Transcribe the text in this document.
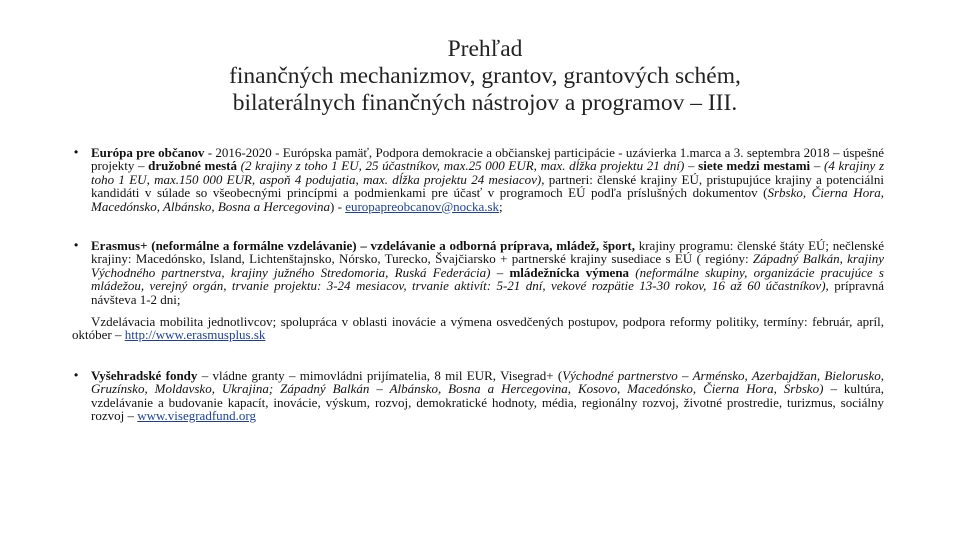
Prehľad
finančných mechanizmov, grantov, grantových schém,
bilaterálnych finančných nástrojov a programov – III.
• Európa pre občanov - 2016-2020 - Európska pamäť, Podpora demokracie a občianskej participácie - uzávierka 1.marca a 3. septembra 2018 – úspešné projekty – družobné mestá (2 krajiny z toho 1 EU, 25 účastníkov, max.25 000 EUR, max. dĺžka projektu 21 dní) – siete medzi mestami – (4 krajiny z toho 1 EU, max.150 000 EUR, aspoň 4 podujatia, max. dĺžka projektu 24 mesiacov), partneri: členské krajiny EÚ, pristupujúce krajiny a potenciálni kandidáti v súlade so všeobecnými princípmi a podmienkami pre účasť v programoch EÚ podľa príslušných dokumentov (Srbsko, Čierna Hora, Macedónsko, Albánsko, Bosna a Hercegovina) - europapreobcanov@nocka.sk;
• Erasmus+ (neformálne a formálne vzdelávanie) – vzdelávanie a odborná príprava, mládež, šport, krajiny programu: členské štáty EÚ; nečlenské krajiny: Macedónsko, Island, Lichtenštajnsko, Nórsko, Turecko, Švajčiarsko + partnerské krajiny susediace s EÚ ( regióny: Západný Balkán, krajiny Východného partnerstva, krajiny južného Stredomoria, Ruská Federácia) – mládežnícka výmena (neformálne skupiny, organizácie pracujúce s mládežou, verejný orgán, trvanie projektu: 3-24 mesiacov, trvanie aktivít: 5-21 dní, vekové rozpätie 13-30 rokov, 16 až 60 účastníkov), prípravná návšteva 1-2 dni;
Vzdelávacia mobilita jednotlivcov; spolupráca v oblasti inovácie a výmena osvedčených postupov, podpora reformy politiky, termíny: február, apríl, október – http://www.erasmusplus.sk
• Vyšehradské fondy – vládne granty – mimovládni prijímatelia, 8 mil EUR, Visegrad+ (Východné partnerstvo – Arménsko, Azerbajdžan, Bielorusko, Gruzínsko, Moldavsko, Ukrajina; Západný Balkán – Albánsko, Bosna a Hercegovina, Kosovo, Macedónsko, Čierna Hora, Srbsko) – kultúra, vzdelávanie a budovanie kapacít, inovácie, výskum, rozvoj, demokratické hodnoty, média, regionálny rozvoj, životné prostredie, turizmus, sociálny rozvoj – www.visegradfund.org
